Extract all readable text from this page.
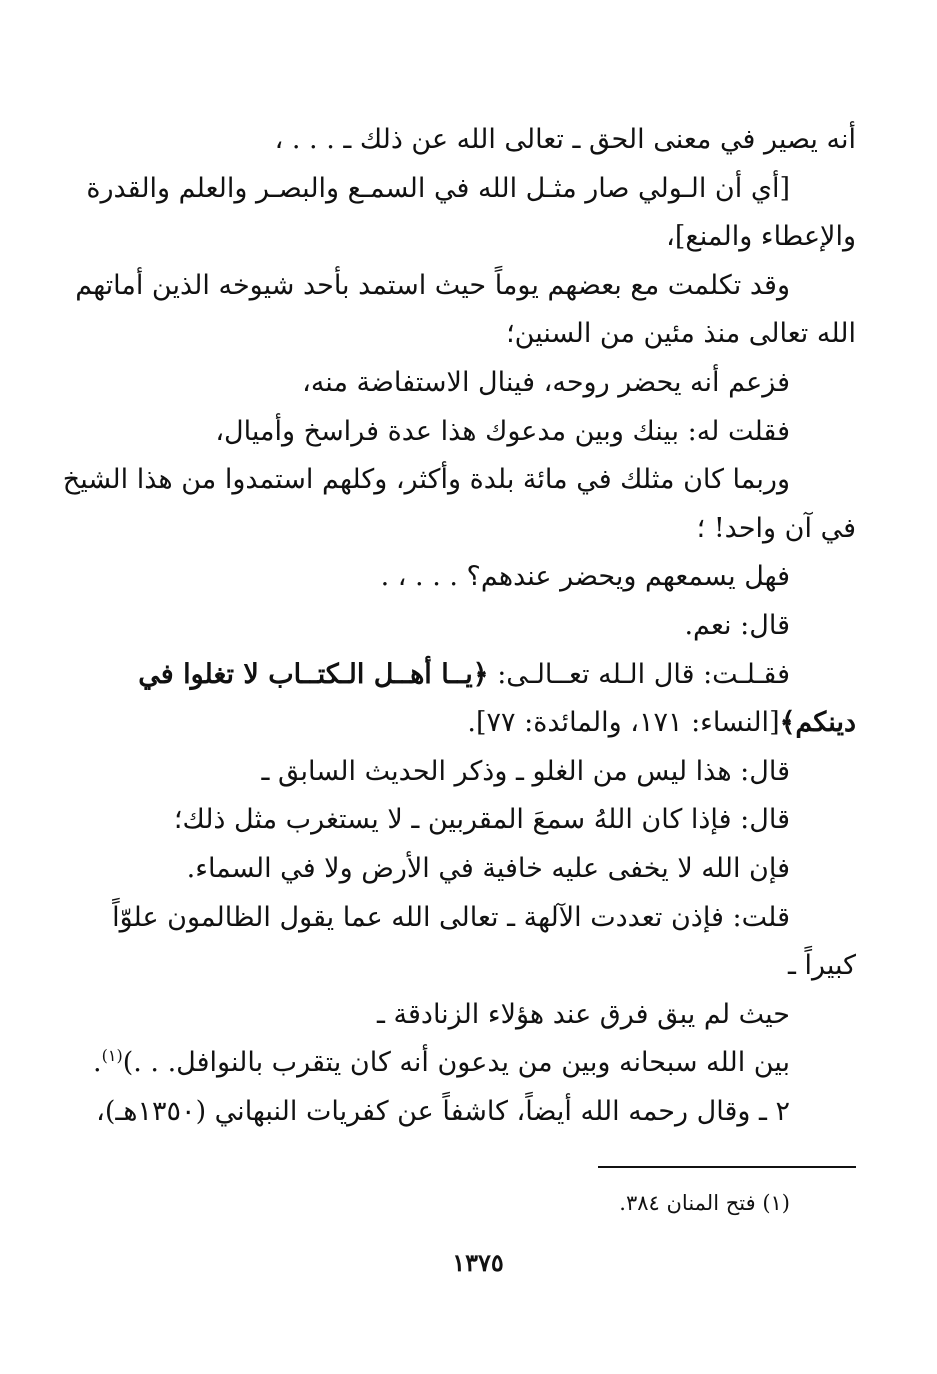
أنه يصير في معنى الحق ـ تعالى الله عن ذلك ـ . . . ،
[أي أن الـولي صار مثـل الله في السمـع والبصـر والعلم والقدرة
والإعطاء والمنع]،
وقد تكلمت مع بعضهم يوماً حيث استمد بأحد شيوخه الذين أماتهم
الله تعالى منذ مئين من السنين؛
فزعم أنه يحضر روحه، فينال الاستفاضة منه،
فقلت له: بينك وبين مدعوك هذا عدة فراسخ وأميال،
وربما كان مثلك في مائة بلدة وأكثر، وكلهم استمدوا من هذا الشيخ
في آن واحد! ؛
فهل يسمعهم ويحضر عندهم؟ . . . ، .
قال: نعم.
فقـلـت: قال الـله تعــالـى: ﴿يــا أهــل الـكتــاب لا تغلوا في
دينكم﴾[النساء: ١٧١، والمائدة: ٧٧].
قال: هذا ليس من الغلو ـ وذكر الحديث السابق ـ
قال: فإذا كان اللهُ سمعَ المقربين ـ لا يستغرب مثل ذلك؛
فإن الله لا يخفى عليه خافية في الأرض ولا في السماء.
قلت: فإذن تعددت الآلهة ـ تعالى الله عما يقول الظالمون علوّاً
كبيراً ـ
حيث لم يبق فرق عند هؤلاء الزنادقة ـ
بين الله سبحانه وبين من يدعون أنه كان يتقرب بالنوافل. . .)$^{(١)}$.
٢ ـ وقال رحمه الله أيضاً، كاشفاً عن كفريات النبهاني (١٣٥٠هـ)،
(١) فتح المنان ٣٨٤.
١٣٧٥
